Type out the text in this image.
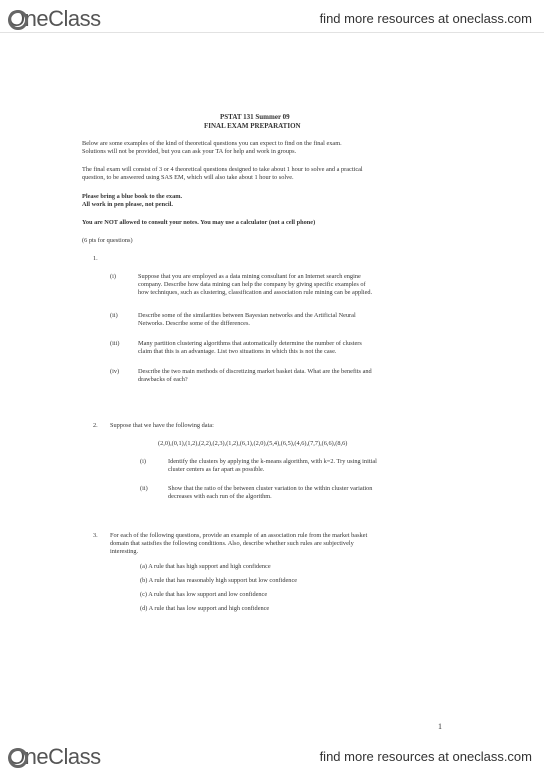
OneClass	find more resources at oneclass.com
PSTAT 131 Summer 09
FINAL EXAM PREPARATION
Below are some examples of the kind of theoretical questions you can expect to find on the final exam.
Solutions will not be provided, but you can ask your TA for help and work in groups.
The final exam will consist of 3 or 4 theoretical questions designed to take about 1 hour to solve and a practical
question, to be answered using SAS EM, which will also take about 1 hour to solve.
Please bring a blue book to the exam.
All work in pen please, not pencil.
You are NOT allowed to consult your notes. You may use a calculator (not a cell phone)
(6 pts for questions)
1.
(i)	Suppose that you are employed as a data mining consultant for an Internet search engine
company. Describe how data mining can help the company by giving specific examples of
how techniques, such as clustering, classification and association rule mining can be applied.
(ii)	Describe some of the similarities between Bayesian networks and the Artificial Neural
Networks. Describe some of the differences.
(iii)	Many partition clustering algorithms that automatically determine the number of clusters
claim that this is an advantage. List two situations in which this is not the case.
(iv)	Describe the two main methods of discretizing market basket data. What are the benefits and
drawbacks of each?
2. Suppose that we have the following data:
(2,0),(0,1),(1,2),(2,2),(2,3),(1,2),(6,1),(2,0),(5,4),(6,5),(4,6),(7,7),(6,6),(8,6)
(i)	Identify the clusters by applying the k-means algorithm, with k=2. Try using initial
cluster centers as far apart as possible.
(ii)	Show that the ratio of the between cluster variation to the within cluster variation
decreases with each run of the algorithm.
3. For each of the following questions, provide an example of an association rule from the market basket
domain that satisfies the following conditions. Also, describe whether such rules are subjectively
interesting.
(a) A rule that has high support and high confidence
(b) A rule that has reasonably high support but low confidence
(c) A rule that has low support and low confidence
(d) A rule that has low support and high confidence
1
OneClass	find more resources at oneclass.com
